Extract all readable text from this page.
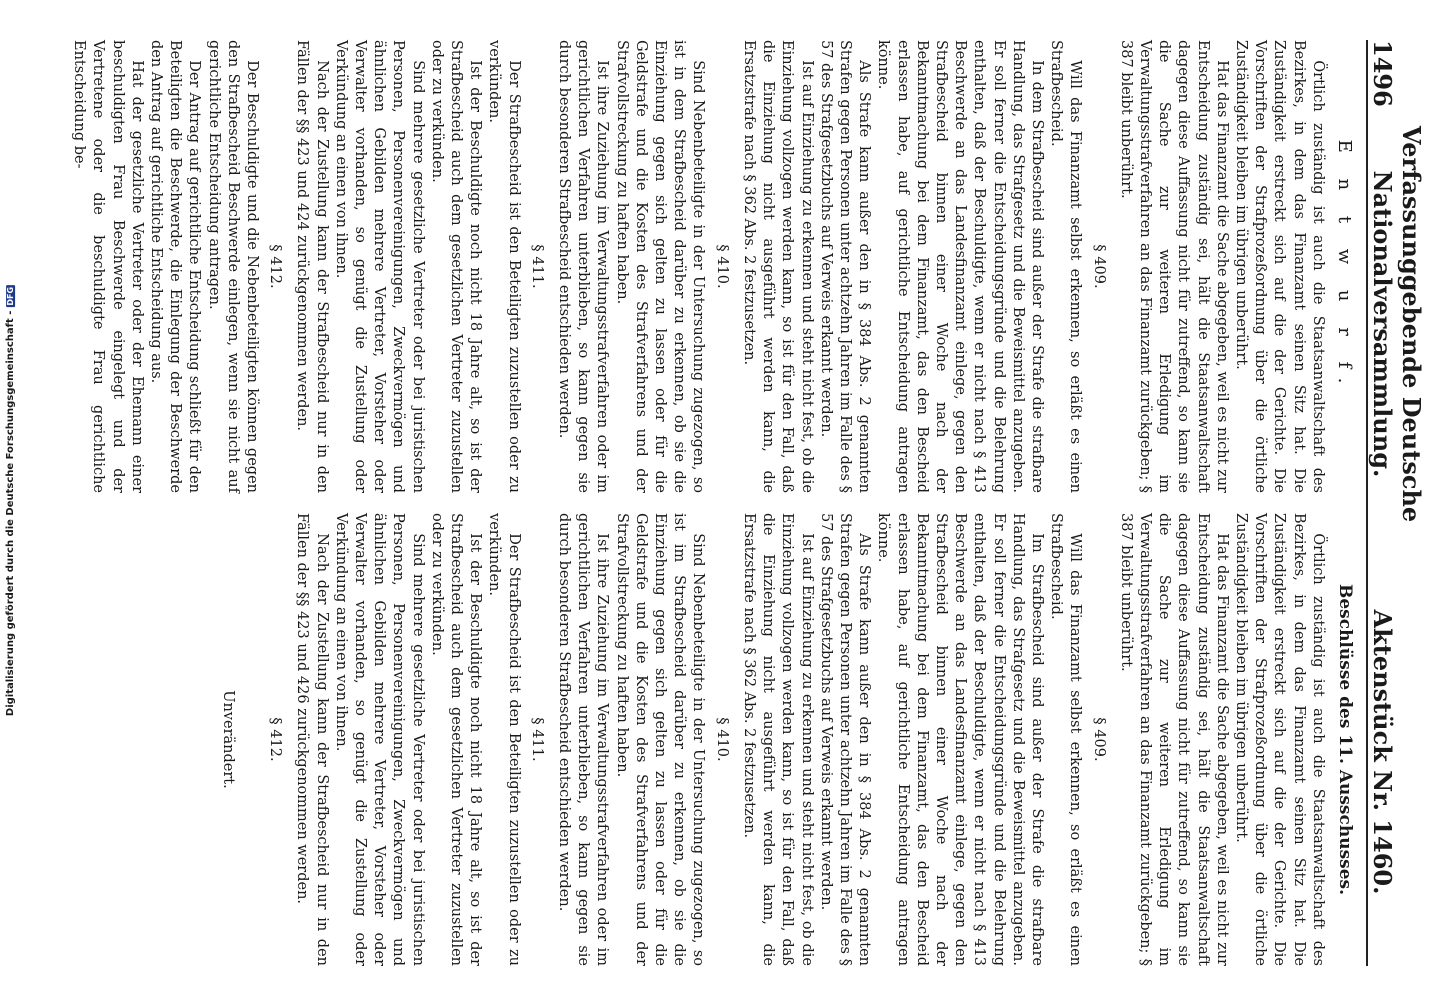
Digitalisierung gefördert durch die Deutsche Forschungsgemeinschaft -
DFG
1496
Verfassunggebende Deutsche Nationalversammlung.
Aktenstück Nr. 1460.
E n t w u r f.

Örtlich zuständig ist auch die Staatsanwaltschaft des Bezirkes, in dem das Finanzamt seinen Sitz hat. Die Zuständigkeit erstreckt sich auf die der Gerichte. Die Vorschriften der Strafprozeßordnung über die örtliche Zuständigkeit bleiben im übrigen unberührt.

Hat das Finanzamt die Sache abgegeben, weil es nicht zur Entscheidung zuständig sei, hält die Staatsanwaltschaft dagegen diese Auffassung nicht für zutreffend, so kann sie die Sache zur weiteren Erledigung im Verwaltungsstrafverfahren an das Finanzamt zurückgeben; § 387 bleibt unberührt.

§ 409.

Will das Finanzamt selbst erkennen, so erläßt es einen Strafbescheid.

In dem Strafbescheid sind außer der Strafe die strafbare Handlung, das Strafgesetz und die Beweismittel anzugeben. Er soll ferner die Entscheidungsgründe und die Belehrung enthalten, daß der Beschuldigte, wenn er nicht nach § 413 Beschwerde an das Landesfinanzamt einlege, gegen den Strafbescheid binnen einer Woche nach der Bekanntmachung bei dem Finanzamt, das den Bescheid erlassen habe, auf gerichtliche Entscheidung antragen könne.

Als Strafe kann außer den in § 384 Abs. 2 genannten Strafen gegen Personen unter achtzehn Jahren im Falle des § 57 des Strafgesetzbuchs auf Verweis erkannt werden.

Ist auf Einziehung zu erkennen und steht nicht fest, ob die Einziehung vollzogen werden kann, so ist für den Fall, daß die Einziehung nicht ausgeführt werden kann, die Ersatzstrafe nach § 362 Abs. 2 festzusetzen.

§ 410.

Sind Nebenbeteiligte in der Untersuchung zugezogen, so ist in dem Strafbescheid darüber zu erkennen, ob sie die Einziehung gegen sich gelten zu lassen oder für die Geldstrafe und die Kosten des Strafverfahrens und der Strafvollstreckung zu haften haben.

Ist ihre Zuziehung im Verwaltungsstrafverfahren oder im gerichtlichen Verfahren unterblieben, so kann gegen sie durch besonderen Strafbescheid entschieden werden.

§ 411.

Der Strafbescheid ist den Beteiligten zuzustellen oder zu verkünden.

Ist der Beschuldigte noch nicht 18 Jahre alt, so ist der Strafbescheid auch dem gesetzlichen Vertreter zuzustellen oder zu verkünden.

Sind mehrere gesetzliche Vertreter oder bei juristischen Personen, Personenvereinigungen, Zweckvermögen und ähnlichen Gebilden mehrere Vertreter, Vorsteher oder Verwalter vorhanden, so genügt die Zustellung oder Verkündung an einen von ihnen.

Nach der Zustellung kann der Strafbescheid nur in den Fällen der §§ 423 und 424 zurückgenommen werden.

§ 412.

Der Beschuldigte und die Nebenbeteiligten können gegen den Strafbescheid Beschwerde einlegen, wenn sie nicht auf gerichtliche Entscheidung antragen.

Der Antrag auf gerichtliche Entscheidung schließt für den Beteiligten die Beschwerde, die Einlegung der Beschwerde den Antrag auf gerichtliche Entscheidung aus.

Hat der gesetzliche Vertreter oder der Ehemann einer beschuldigten Frau Beschwerde eingelegt und der Vertretene oder die beschuldigte Frau gerichtliche Entscheidung be-

Beschlüsse des 11. Ausschusses.

Örtlich zuständig ist auch die Staatsanwaltschaft des Bezirkes, in dem das Finanzamt seinen Sitz hat. Die Zuständigkeit erstreckt sich auf die der Gerichte. Die Vorschriften der Strafprozeßordnung über die örtliche Zuständigkeit bleiben im übrigen unberührt.

Hat das Finanzamt die Sache abgegeben, weil es nicht zur Entscheidung zuständig sei, hält die Staatsanwaltschaft dagegen diese Auffassung nicht für zutreffend, so kann sie die Sache zur weiteren Erledigung im Verwaltungsstrafverfahren an das Finanzamt zurückgeben; § 387 bleibt unberührt.

§ 409.

Will das Finanzamt selbst erkennen, so erläßt es einen Strafbescheid.

Im Strafbescheid sind außer der Strafe die strafbare Handlung, das Strafgesetz und die Beweismittel anzugeben. Er soll ferner die Entscheidungsgründe und die Belehrung enthalten, daß der Beschuldigte, wenn er nicht nach § 413 Beschwerde an das Landesfinanzamt einlege, gegen den Strafbescheid binnen einer Woche nach der Bekanntmachung bei dem Finanzamt, das den Bescheid erlassen habe, auf gerichtliche Entscheidung antragen könne.

Als Strafe kann außer den in § 384 Abs. 2 genannten Strafen gegen Personen unter achtzehn Jahren im Falle des § 57 des Strafgesetzbuchs auf Verweis erkannt werden.

Ist auf Einziehung zu erkennen und steht nicht fest, ob die Einziehung vollzogen werden kann, so ist für den Fall, daß die Einziehung nicht ausgeführt werden kann, die Ersatzstrafe nach § 362 Abs. 2 festzusetzen.

§ 410.

Sind Nebenbeteiligte in der Untersuchung zugezogen, so ist im Strafbescheid darüber zu erkennen, ob sie die Einziehung gegen sich gelten zu lassen oder für die Geldstrafe und die Kosten des Strafverfahrens und der Strafvollstreckung zu haften haben.

Ist ihre Zuziehung im Verwaltungsstrafverfahren oder im gerichtlichen Verfahren unterblieben, so kann gegen sie durch besonderen Strafbescheid entschieden werden.

§ 411.

Der Strafbescheid ist den Beteiligten zuzustellen oder zu verkünden.

Ist der Beschuldigte noch nicht 18 Jahre alt, so ist der Strafbescheid auch dem gesetzlichen Vertreter zuzustellen oder zu verkünden.

Sind mehrere gesetzliche Vertreter oder bei juristischen Personen, Personenvereinigungen, Zweckvermögen und ähnlichen Gebilden mehrere Vertreter, Vorsteher oder Verwalter vorhanden, so genügt die Zustellung oder Verkündung an einen von ihnen.

Nach der Zustellung kann der Strafbescheid nur in den Fällen der §§ 423 und 426 zurückgenommen werden.

§ 412.
Unverändert.
